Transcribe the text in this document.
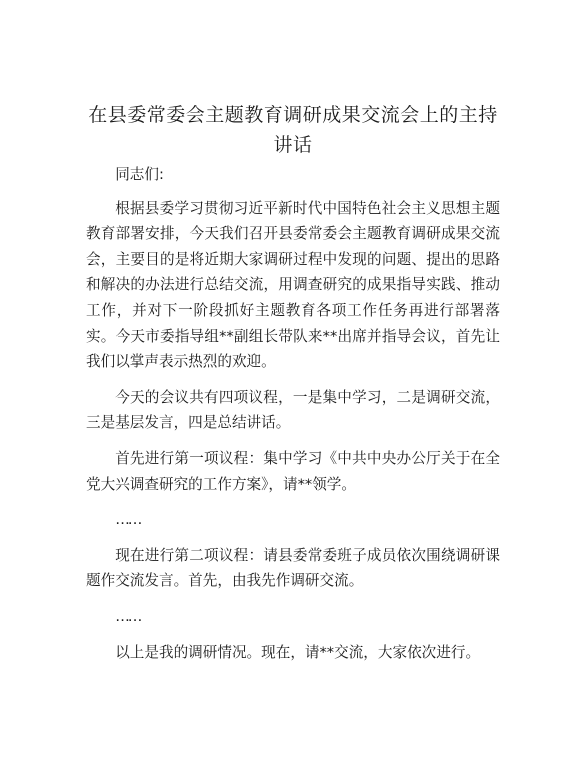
在县委常委会主题教育调研成果交流会上的主持讲话

同志们:

根据县委学习贯彻习近平新时代中国特色社会主义思想主题教育部署安排，今天我们召开县委常委会主题教育调研成果交流会，主要目的是将近期大家调研过程中发现的问题、提出的思路和解决的办法进行总结交流，用调查研究的成果指导实践、推动工作，并对下一阶段抓好主题教育各项工作任务再进行部署落实。今天市委指导组**副组长带队来**出席并指导会议，首先让我们以掌声表示热烈的欢迎。

今天的会议共有四项议程，一是集中学习，二是调研交流，三是基层发言，四是总结讲话。

首先进行第一项议程：集中学习《中共中央办公厅关于在全党大兴调查研究的工作方案》，请**领学。

……

现在进行第二项议程：请县委常委班子成员依次围绕调研课题作交流发言。首先，由我先作调研交流。

……

以上是我的调研情况。现在，请**交流，大家依次进行。
